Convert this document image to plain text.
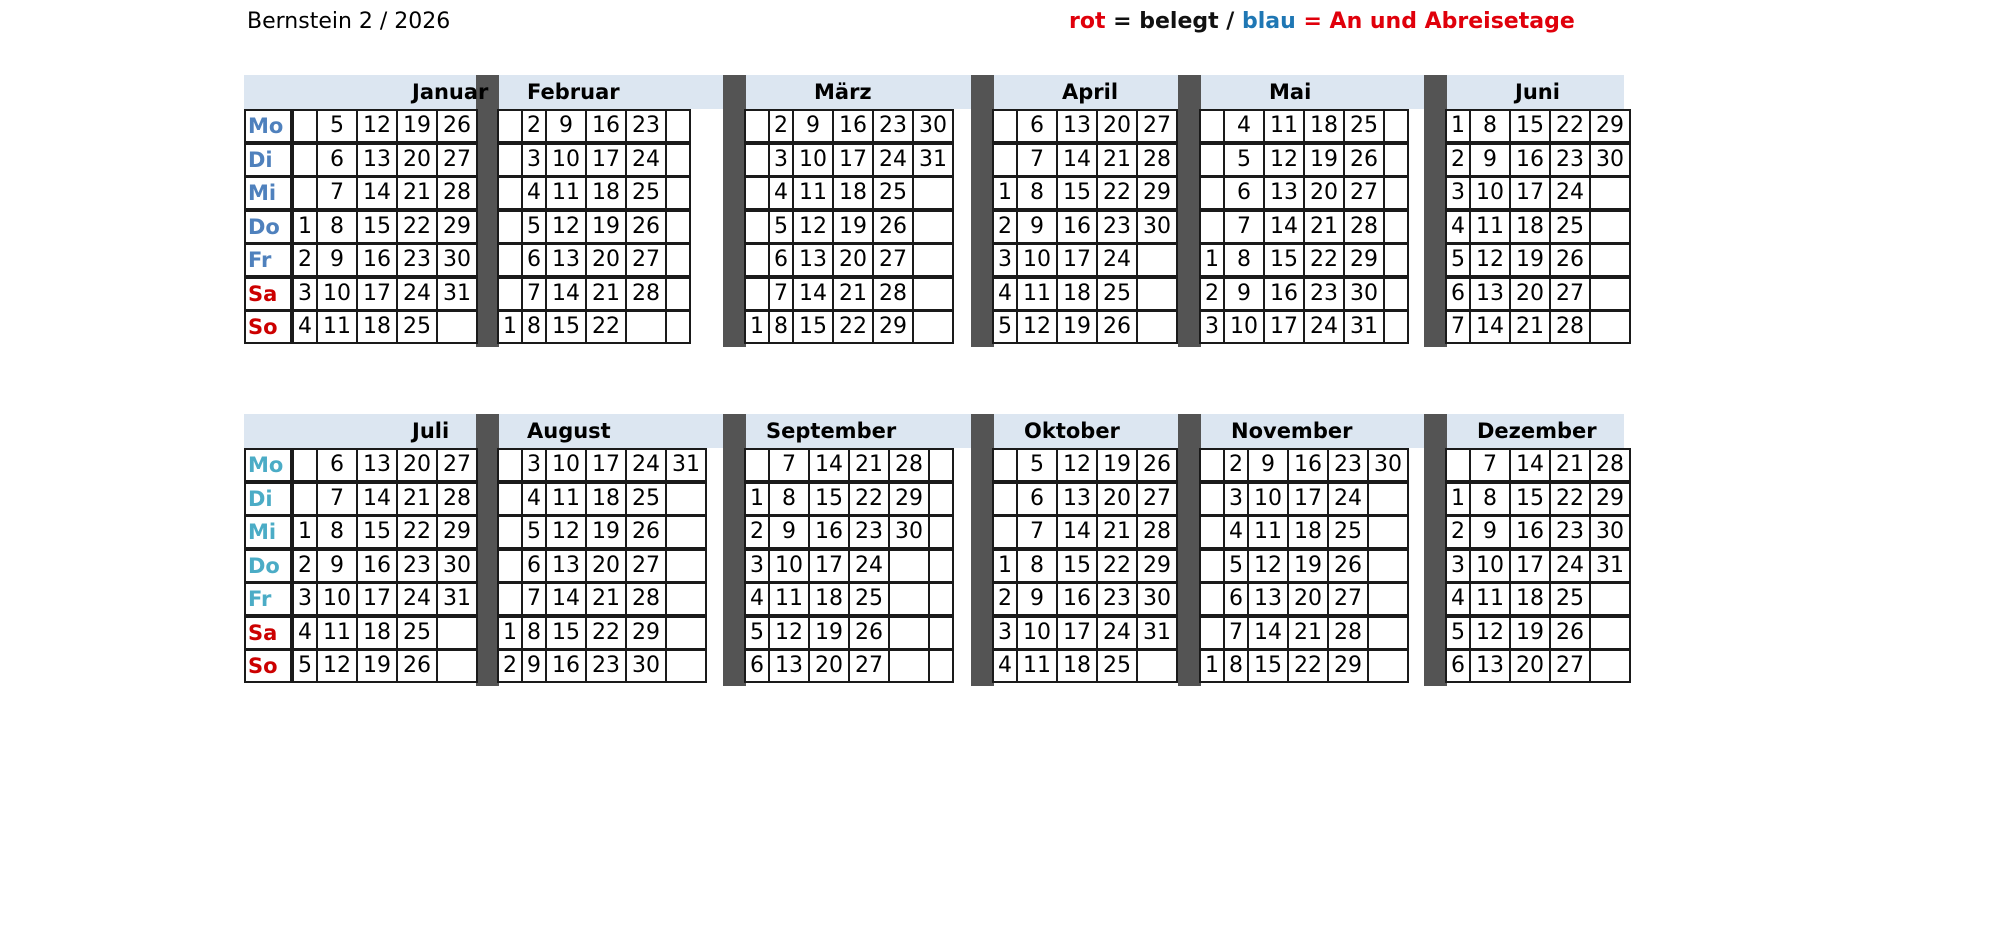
Bernstein 2 / 2026	rot = belegt / blau = An und Abreisetage
Mo
Di
Mi
Do
Fr
Sa
So
Januar
1
2
3
4
5
6
7
8
9
10
11
12
13
14
15
16
17
18
19
20
21
22
23
24
25
26
27
28
29
30
31
Februar
1
2
3
4
5
6
7
8
9
10
11
12
13
14
15
16
17
18
19
20
21
22
23
24
25
26
27
28
März
1
2
3
4
5
6
7
8
9
10
11
12
13
14
15
16
17
18
19
20
21
22
23
24
25
26
27
28
29
30
31
April
1
2
3
4
5
6
7
8
9
10
11
12
13
14
15
16
17
18
19
20
21
22
23
24
25
26
27
28
29
30
Mai
1
2
3
4
5
6
7
8
9
10
11
12
13
14
15
16
17
18
19
20
21
22
23
24
25
26
27
28
29
30
31
Juni
1
2
3
4
5
6
7
8
9
10
11
12
13
14
15
16
17
18
19
20
21
22
23
24
25
26
27
28
29
30
Mo
Di
Mi
Do
Fr
Sa
So
Juli
1
2
3
4
5
6
7
8
9
10
11
12
13
14
15
16
17
18
19
20
21
22
23
24
25
26
27
28
29
30
31
August
1
2
3
4
5
6
7
8
9
10
11
12
13
14
15
16
17
18
19
20
21
22
23
24
25
26
27
28
29
30
31
September
1
2
3
4
5
6
7
8
9
10
11
12
13
14
15
16
17
18
19
20
21
22
23
24
25
26
27
28
29
30
Oktober
1
2
3
4
5
6
7
8
9
10
11
12
13
14
15
16
17
18
19
20
21
22
23
24
25
26
27
28
29
30
31
November
1
2
3
4
5
6
7
8
9
10
11
12
13
14
15
16
17
18
19
20
21
22
23
24
25
26
27
28
29
30
Dezember
1
2
3
4
5
6
7
8
9
10
11
12
13
14
15
16
17
18
19
20
21
22
23
24
25
26
27
28
29
30
31
